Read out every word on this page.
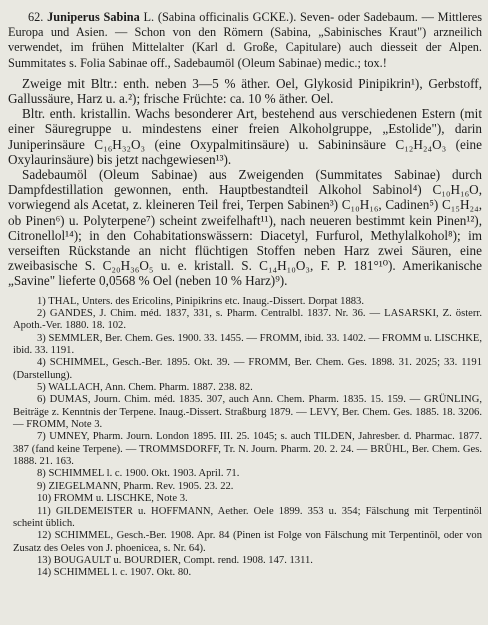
62. Juniperus Sabina L. (Sabina officinalis GCKE.). Seven- oder Sadebaum. — Mittleres Europa und Asien. — Schon von den Römern (Sabina, „Sabinisches Kraut") arzneilich verwendet, im frühen Mittelalter (Karl d. Große, Capitulare) auch diesseit der Alpen. Summitates s. Folia Sabinae off., Sadebaumöl (Oleum Sabinae) medic.; tox.!

Zweige mit Bltr.: enth. neben 3—5 % äther. Oel, Glykosid Pinipikrin¹), Gerbstoff, Gallussäure, Harz u. a.²); frische Früchte: ca. 10 % äther. Oel.

Bltr. enth. kristallin. Wachs besonderer Art, bestehend aus verschiedenen Estern (mit einer Säuregruppe u. mindestens einer freien Alkoholgruppe, „Estolide"), darin Juniperinsäure C₁₆H₃₂O₃ (eine Oxypalmitinsäure) u. Sabininsäure C₁₂H₂₄O₃ (eine Oxylaurinsäure) bis jetzt nachgewiesen¹³).

Sadebaumöl (Oleum Sabinae) aus Zweigenden (Summitates Sabinae) durch Dampfdestillation gewonnen, enth. Hauptbestandteil Alkohol Sabinol⁴) C₁₀H₁₆O, vorwiegend als Acetat, z. kleineren Teil frei, Terpen Sabinen³) C₁₀H₁₆, Cadinen⁵) C₁₅H₂₄, ob Pinen⁶) u. Polyterpene⁷) scheint zweifelhaft¹¹), nach neueren bestimmt kein Pinen¹²), Citronellol¹⁴); in den Cohabitationswässern: Diacetyl, Furfurol, Methylalkohol⁸); im verseiften Rückstande an nicht flüchtigen Stoffen neben Harz zwei Säuren, eine zweibasische S. C₂₀H₃₆O₅ u. e. kristall. S. C₁₄H₁₀O₃, F. P. 181°¹⁰). Amerikanische „Savine" lieferte 0,0568 % Oel (neben 10 % Harz)⁹).

1) THAL, Unters. des Ericolins, Pinipikrins etc. Inaug.-Dissert. Dorpat 1883.

2) GANDES, J. Chim. méd. 1837, 331, s. Pharm. Centralbl. 1837. Nr. 36. — LASARSKI, Z. österr. Apoth.-Ver. 1880. 18. 102.

3) SEMMLER, Ber. Chem. Ges. 1900. 33. 1455. — FROMM, ibid. 33. 1402. — FROMM u. LISCHKE, ibid. 33. 1191.

4) SCHIMMEL, Gesch.-Ber. 1895. Okt. 39. — FROMM, Ber. Chem. Ges. 1898. 31. 2025; 33. 1191 (Darstellung).

5) WALLACH, Ann. Chem. Pharm. 1887. 238. 82.

6) DUMAS, Journ. Chim. méd. 1835. 307, auch Ann. Chem. Pharm. 1835. 15. 159. — GRÜNLING, Beiträge z. Kenntnis der Terpene. Inaug.-Dissert. Straßburg 1879. — LEVY, Ber. Chem. Ges. 1885. 18. 3206. — FROMM, Note 3.

7) UMNEY, Pharm. Journ. London 1895. III. 25. 1045; s. auch TILDEN, Jahresber. d. Pharmac. 1877. 387 (fand keine Terpene). — TROMMSDORFF, Tr. N. Journ. Pharm. 20. 2. 24. — BRÜHL, Ber. Chem. Ges. 1888. 21. 163.

8) SCHIMMEL l. c. 1900. Okt. 1903. April. 71.

9) ZIEGELMANN, Pharm. Rev. 1905. 23. 22.

10) FROMM u. LISCHKE, Note 3.

11) GILDEMEISTER u. HOFFMANN, Aether. Oele 1899. 353 u. 354; Fälschung mit Terpentinöl scheint üblich.

12) SCHIMMEL, Gesch.-Ber. 1908. Apr. 84 (Pinen ist Folge von Fälschung mit Terpentinöl, oder von Zusatz des Oeles von J. phoenicea, s. Nr. 64).

13) BOUGAULT u. BOURDIER, Compt. rend. 1908. 147. 1311.

14) SCHIMMEL l. c. 1907. Okt. 80.
